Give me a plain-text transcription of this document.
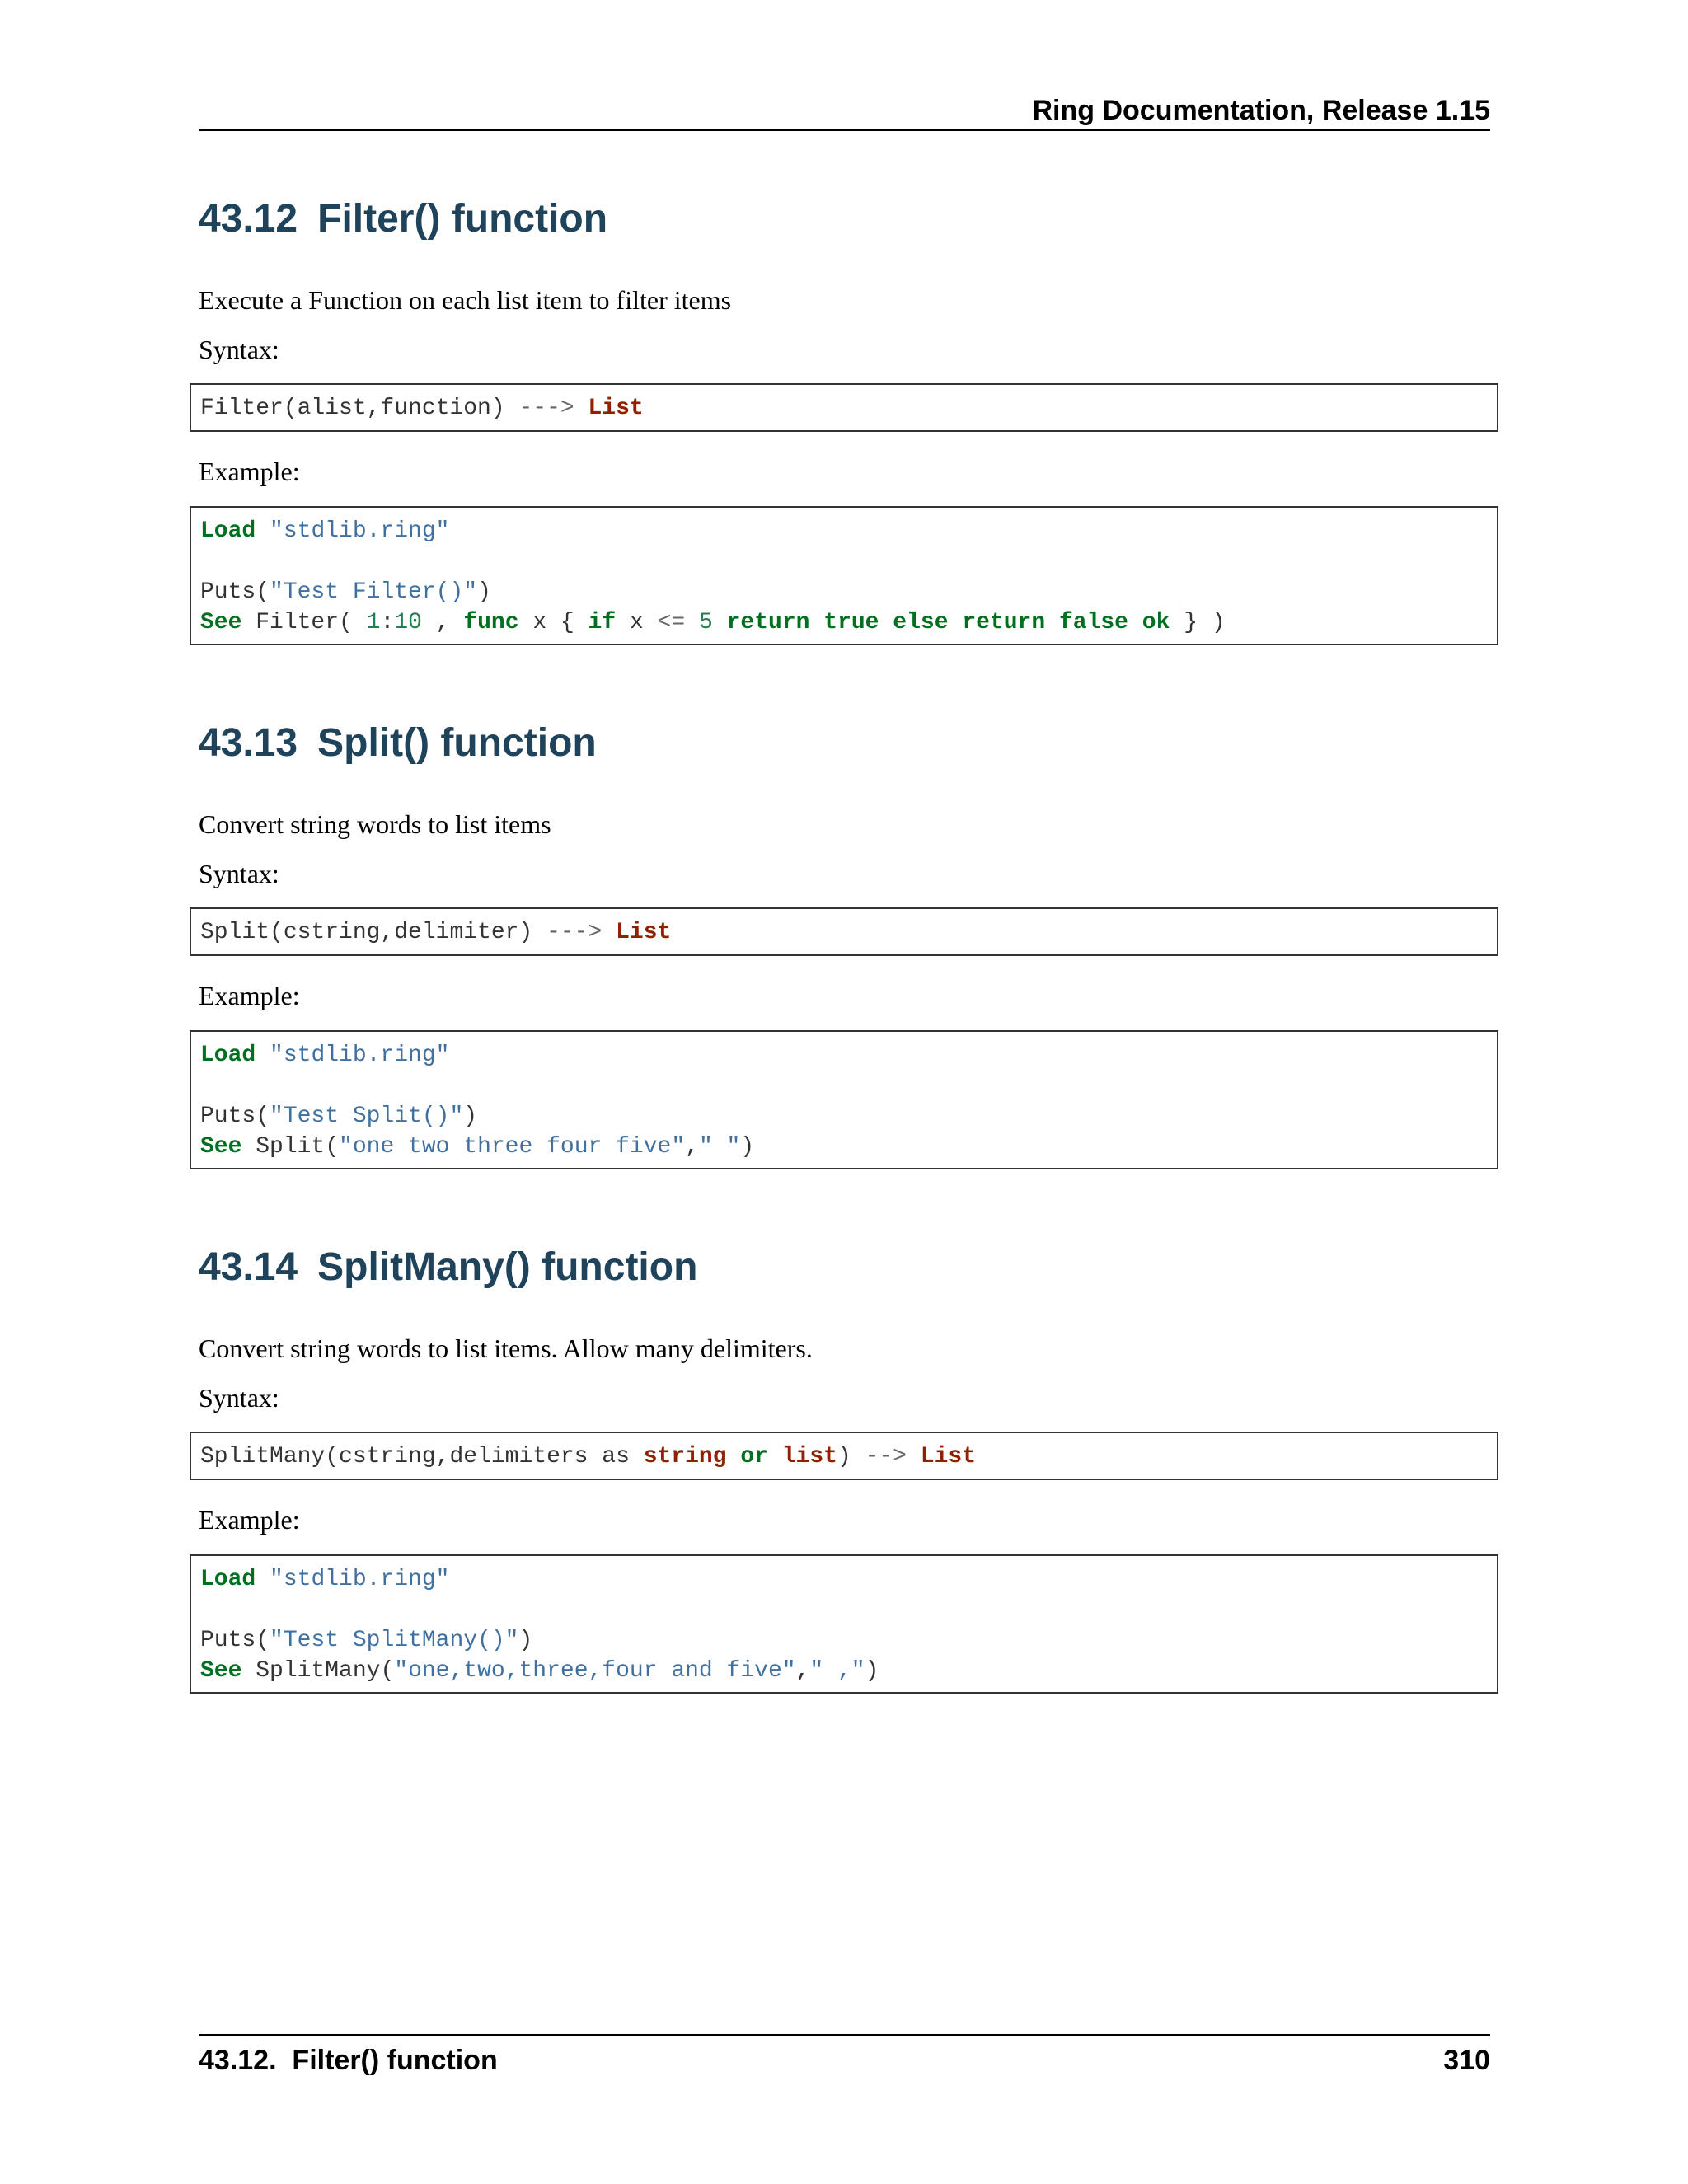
Ring Documentation, Release 1.15
43.12 Filter() function
Execute a Function on each list item to filter items
Syntax:
Filter(alist,function) ---> List
Example:
Load "stdlib.ring"
Puts("Test Filter()")
See Filter( 1:10 , func x { if x <= 5 return true else return false ok } )
43.13 Split() function
Convert string words to list items
Syntax:
Split(cstring,delimiter) ---> List
Example:
Load "stdlib.ring"
Puts("Test Split()")
See Split("one two three four five"," ")
43.14 SplitMany() function
Convert string words to list items. Allow many delimiters.
Syntax:
SplitMany(cstring,delimiters as string or list) --> List
Example:
Load "stdlib.ring"
Puts("Test SplitMany()")
See SplitMany("one,two,three,four and five"," ,")
43.12.  Filter() function	310
